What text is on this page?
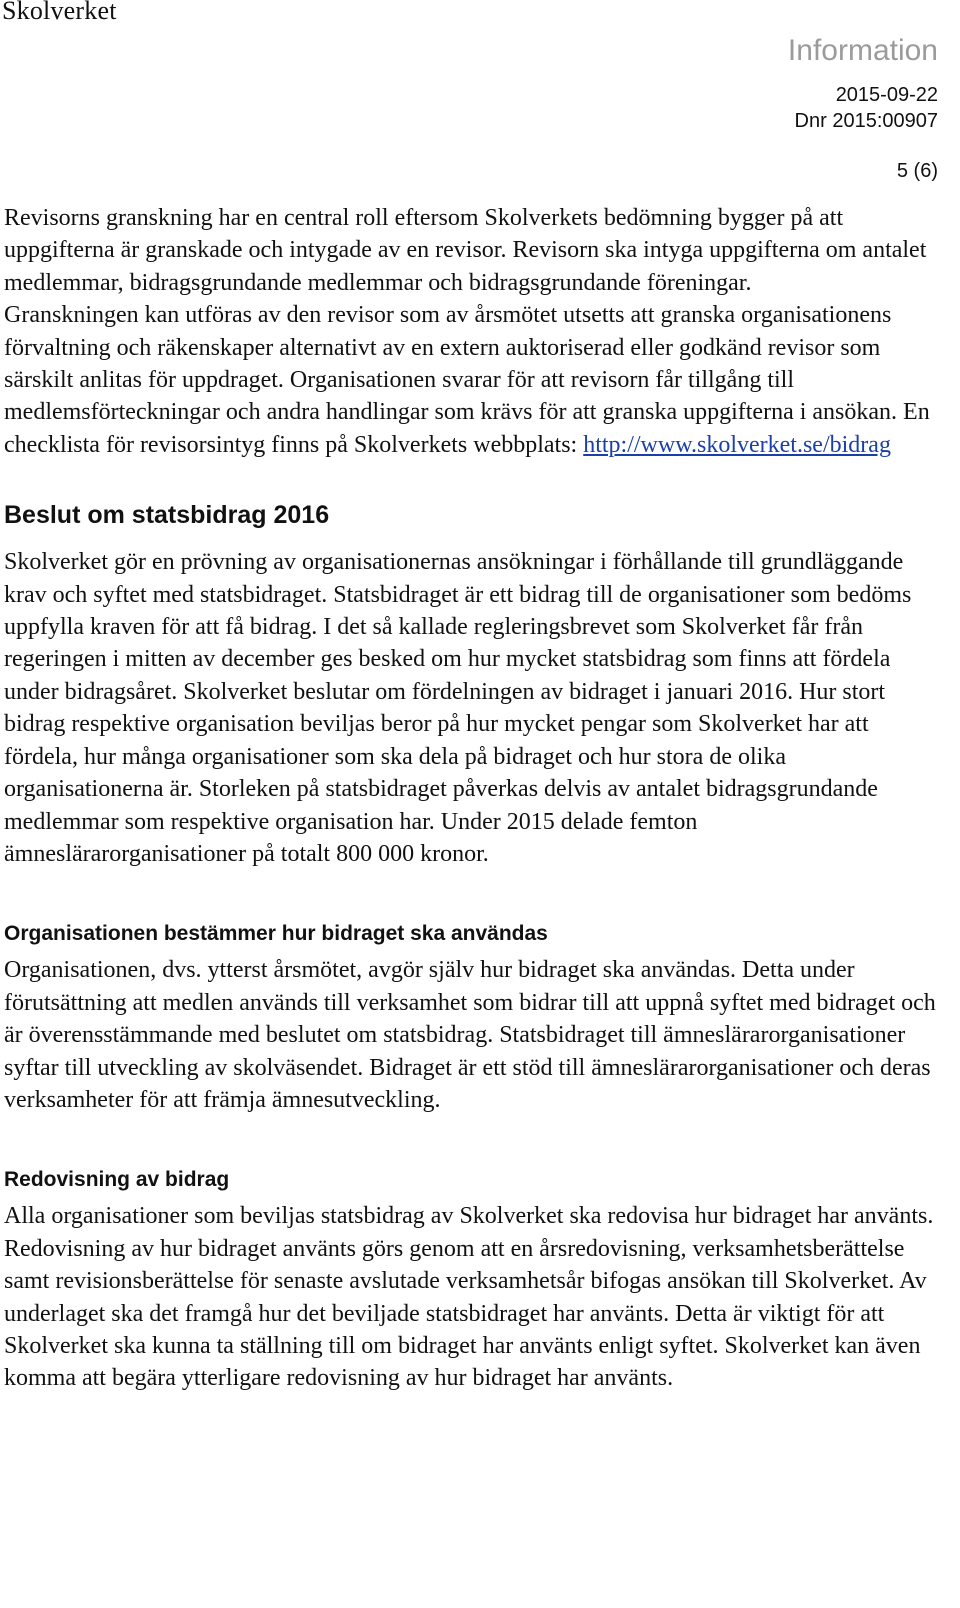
Skolverket
Information
2015-09-22
Dnr 2015:00907
5 (6)

Revisorns granskning har en central roll eftersom Skolverkets bedömning bygger på att uppgifterna är granskade och intygade av en revisor. Revisorn ska intyga uppgifterna om antalet medlemmar, bidragsgrundande medlemmar och bidragsgrundande föreningar.

Granskningen kan utföras av den revisor som av årsmötet utsetts att granska organisationens förvaltning och räkenskaper alternativt av en extern auktoriserad eller godkänd revisor som särskilt anlitas för uppdraget. Organisationen svarar för att revisorn får tillgång till medlemsförteckningar och andra handlingar som krävs för att granska uppgifterna i ansökan. En checklista för revisorsintyg finns på Skolverkets webbplats: http://www.skolverket.se/bidrag

Beslut om statsbidrag 2016

Skolverket gör en prövning av organisationernas ansökningar i förhållande till grundläggande krav och syftet med statsbidraget. Statsbidraget är ett bidrag till de organisationer som bedöms uppfylla kraven för att få bidrag. I det så kallade regleringsbrevet som Skolverket får från regeringen i mitten av december ges besked om hur mycket statsbidrag som finns att fördela under bidragsåret. Skolverket beslutar om fördelningen av bidraget i januari 2016. Hur stort bidrag respektive organisation beviljas beror på hur mycket pengar som Skolverket har att fördela, hur många organisationer som ska dela på bidraget och hur stora de olika organisationerna är. Storleken på statsbidraget påverkas delvis av antalet bidragsgrundande medlemmar som respektive organisation har. Under 2015 delade femton ämneslärarorganisationer på totalt 800 000 kronor.

Organisationen bestämmer hur bidraget ska användas

Organisationen, dvs. ytterst årsmötet, avgör själv hur bidraget ska användas. Detta under förutsättning att medlen används till verksamhet som bidrar till att uppnå syftet med bidraget och är överensstämmande med beslutet om statsbidrag. Statsbidraget till ämneslärarorganisationer syftar till utveckling av skolväsendet. Bidraget är ett stöd till ämneslärarorganisationer och deras verksamheter för att främja ämnesutveckling.

Redovisning av bidrag

Alla organisationer som beviljas statsbidrag av Skolverket ska redovisa hur bidraget har använts. Redovisning av hur bidraget använts görs genom att en årsredovisning, verksamhetsberättelse samt revisionsberättelse för senaste avslutade verksamhetsår bifogas ansökan till Skolverket. Av underlaget ska det framgå hur det beviljade statsbidraget har använts. Detta är viktigt för att Skolverket ska kunna ta ställning till om bidraget har använts enligt syftet. Skolverket kan även komma att begära ytterligare redovisning av hur bidraget har använts.
